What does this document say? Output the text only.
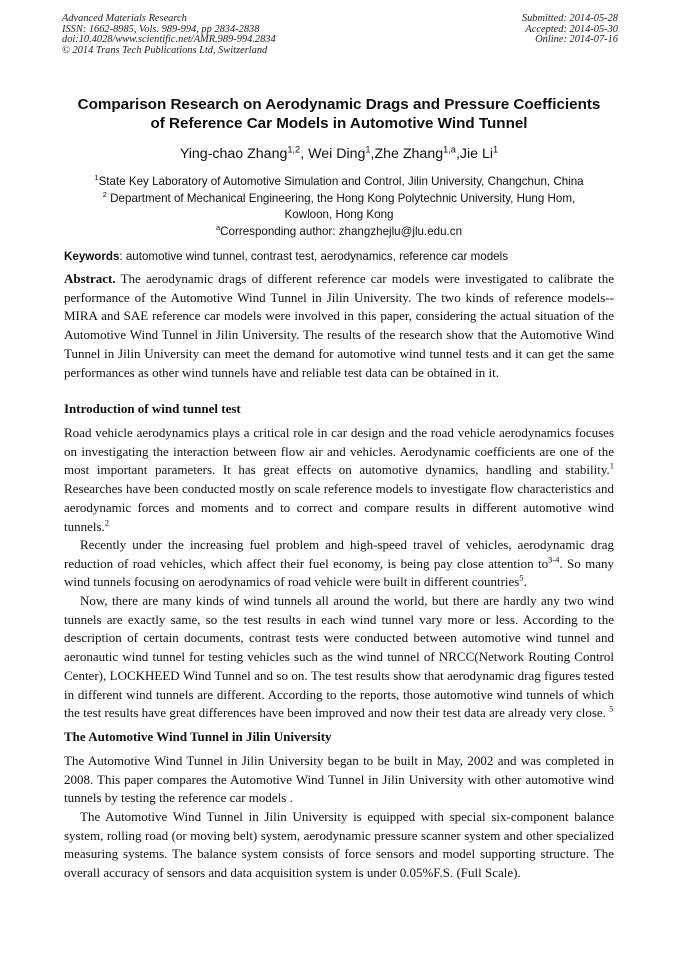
Advanced Materials Research
ISSN: 1662-8985, Vols. 989-994, pp 2834-2838
doi:10.4028/www.scientific.net/AMR.989-994.2834
© 2014 Trans Tech Publications Ltd, Switzerland
Submitted: 2014-05-28
Accepted: 2014-05-30
Online: 2014-07-16
Comparison Research on Aerodynamic Drags and Pressure Coefficients
of Reference Car Models in Automotive Wind Tunnel
Ying-chao Zhang$^{1,2}$, Wei Ding$^1$,Zhe Zhang$^{1,a}$,Jie Li$^1$
$^1$State Key Laboratory of Automotive Simulation and Control, Jilin University, Changchun, China
$^2$ Department of Mechanical Engineering, the Hong Kong Polytechnic University, Hung Hom,
Kowloon, Hong Kong
$^a$Corresponding author: zhangzhejlu@jlu.edu.cn
Keywords: automotive wind tunnel, contrast test, aerodynamics, reference car models
Abstract. The aerodynamic drags of different reference car models were investigated to calibrate the performance of the Automotive Wind Tunnel in Jilin University. The two kinds of reference models--MIRA and SAE reference car models were involved in this paper, considering the actual situation of the Automotive Wind Tunnel in Jilin University. The results of the research show that the Automotive Wind Tunnel in Jilin University can meet the demand for automotive wind tunnel tests and it can get the same performances as other wind tunnels have and reliable test data can be obtained in it.
Introduction of wind tunnel test
Road vehicle aerodynamics plays a critical role in car design and the road vehicle aerodynamics focuses on investigating the interaction between flow air and vehicles. Aerodynamic coefficients are one of the most important parameters. It has great effects on automotive dynamics, handling and stability.$^1$ Researches have been conducted mostly on scale reference models to investigate flow characteristics and aerodynamic forces and moments and to correct and compare results in different automotive wind tunnels.$^2$
Recently under the increasing fuel problem and high-speed travel of vehicles, aerodynamic drag reduction of road vehicles, which affect their fuel economy, is being pay close attention $to^{3-4}$. So many wind tunnels focusing on aerodynamics of road vehicle were built in different countries$^5$.
Now, there are many kinds of wind tunnels all around the world, but there are hardly any two wind tunnels are exactly same, so the test results in each wind tunnel vary more or less. According to the description of certain documents, contrast tests were conducted between automotive wind tunnel and aeronautic wind tunnel for testing vehicles such as the wind tunnel of NRCC(Network Routing Control Center), LOCKHEED Wind Tunnel and so on. The test results show that aerodynamic drag figures tested in different wind tunnels are different. According to the reports, those automotive wind tunnels of which the test results have great differences have been improved and now their test data are already very close. $^5$
The Automotive Wind Tunnel in Jilin University
The Automotive Wind Tunnel in Jilin University began to be built in May, 2002 and was completed in 2008. This paper compares the Automotive Wind Tunnel in Jilin University with other automotive wind tunnels by testing the reference car models .
The Automotive Wind Tunnel in Jilin University is equipped with special six-component balance system, rolling road (or moving belt) system, aerodynamic pressure scanner system and other specialized measuring systems. The balance system consists of force sensors and model supporting structure. The overall accuracy of sensors and data acquisition system is under 0.05%F.S. (Full Scale).
